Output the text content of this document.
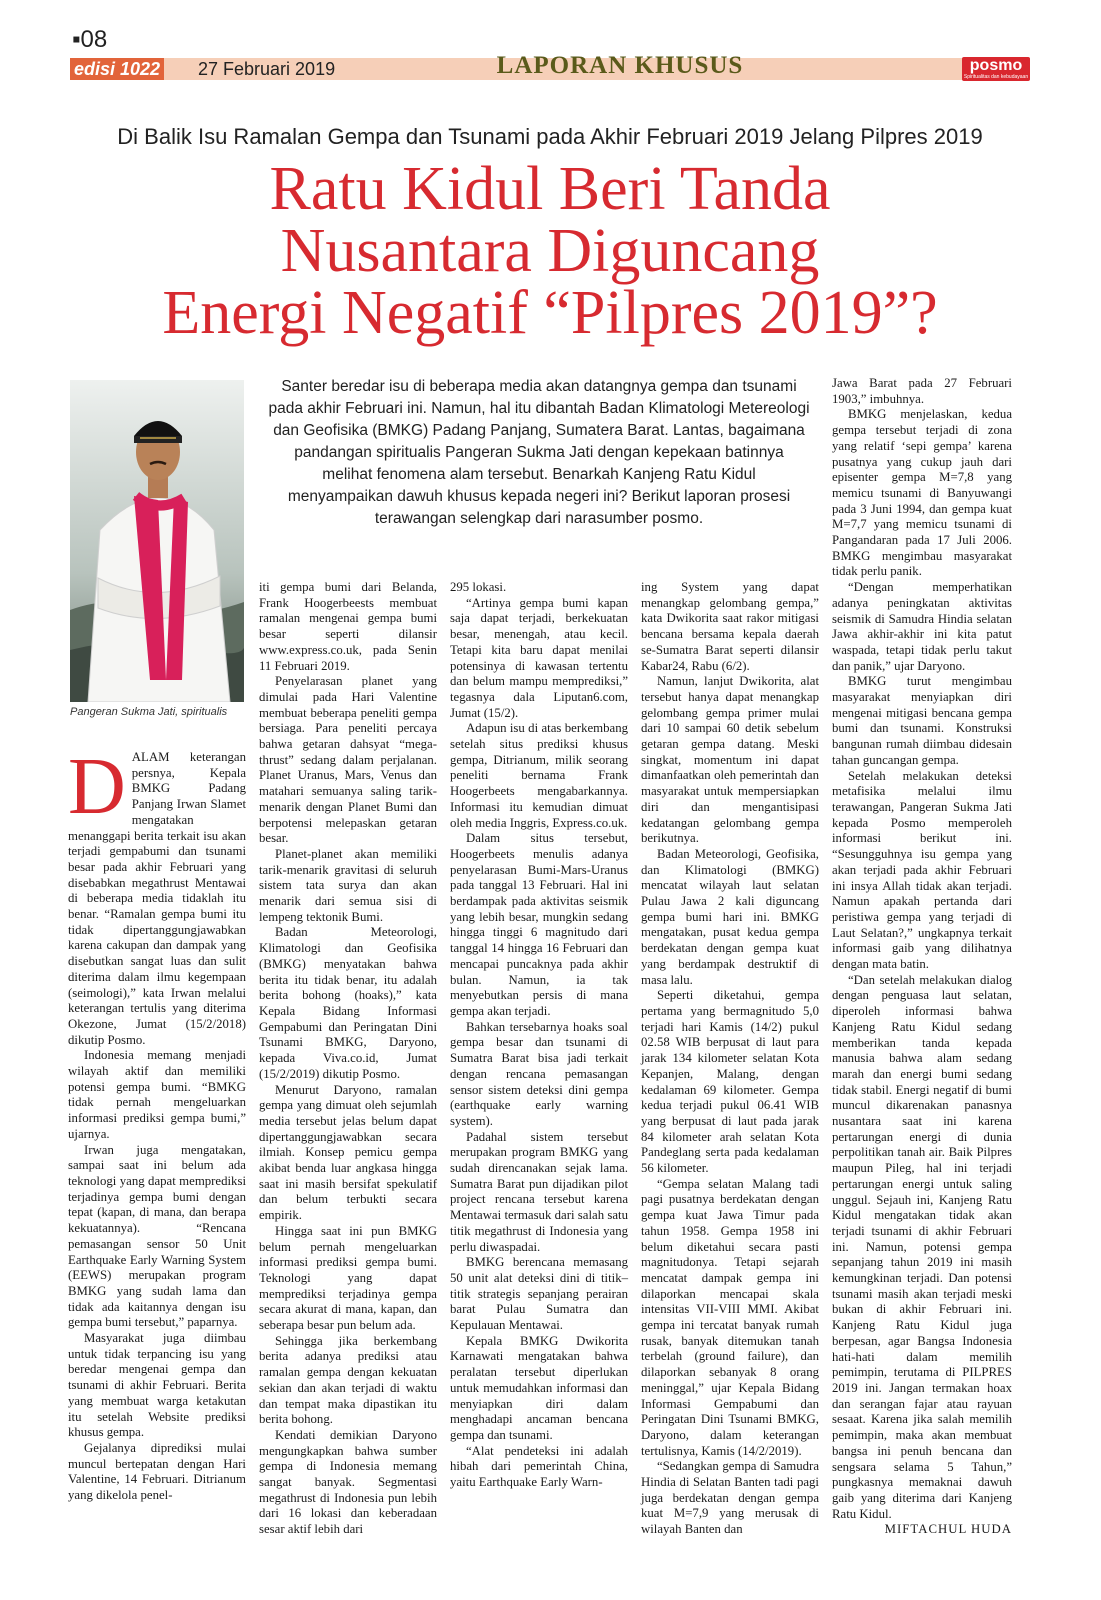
▪08
edisi 1022 27 Februari 2019	LAPORAN KHUSUS	posmo
Spiritualitas dan kebudayaan
Di Balik Isu Ramalan Gempa dan Tsunami pada Akhir Februari 2019 Jelang Pilpres 2019
Ratu Kidul Beri Tanda
Nusantara Diguncang
Energi Negatif “Pilpres 2019”?
Pangeran Sukma Jati, spiritualis
Santer beredar isu di beberapa media akan datangnya gempa dan tsunami pada akhir Februari ini. Namun, hal itu dibantah Badan Klimatologi Metereologi dan Geofisika (BMKG) Padang Panjang, Sumatera Barat. Lantas, bagaimana pandangan spiritualis Pangeran Sukma Jati dengan kepekaan batinnya melihat fenomena alam tersebut. Benarkah Kanjeng Ratu Kidul menyampaikan dawuh khusus kepada negeri ini? Berikut laporan prosesi terawangan selengkap dari narasumber posmo.

DALAM keterangan persnya, Kepala BMKG Padang Panjang Irwan Slamet mengatakan menanggapi berita terkait isu akan terjadi gempabumi dan tsunami besar pada akhir Februari yang disebabkan megathrust Mentawai di beberapa media tidaklah itu benar. “Ramalan gempa bumi itu tidak dipertanggungjawabkan karena cakupan dan dampak yang disebutkan sangat luas dan sulit diterima dalam ilmu kegempaan (seimologi),” kata Irwan melalui keterangan tertulis yang diterima Okezone, Jumat (15/2/2018) dikutip Posmo.

Indonesia memang menjadi wilayah aktif dan memiliki potensi gempa bumi. “BMKG tidak pernah mengeluarkan informasi prediksi gempa bumi,” ujarnya.

Irwan juga mengatakan, sampai saat ini belum ada teknologi yang dapat memprediksi terjadinya gempa bumi dengan tepat (kapan, di mana, dan berapa kekuatannya). “Rencana pemasangan sensor 50 Unit Earthquake Early Warning System (EEWS) merupakan program BMKG yang sudah lama dan tidak ada kaitannya dengan isu gempa bumi tersebut,” paparnya.

Masyarakat juga diimbau untuk tidak terpancing isu yang beredar mengenai gempa dan tsunami di akhir Februari. Berita yang membuat warga ketakutan itu setelah Website prediksi khusus gempa.

Gejalanya diprediksi mulai muncul bertepatan dengan Hari Valentine, 14 Februari. Ditrianum yang dikelola penel-

iti gempa bumi dari Belanda, Frank Hoogerbeests membuat ramalan mengenai gempa bumi besar seperti dilansir www.express.co.uk, pada Senin 11 Februari 2019.

Penyelarasan planet yang dimulai pada Hari Valentine membuat beberapa peneliti gempa bersiaga. Para peneliti percaya bahwa getaran dahsyat “mega-thrust” sedang dalam perjalanan. Planet Uranus, Mars, Venus dan matahari semuanya saling tarik-menarik dengan Planet Bumi dan berpotensi melepaskan getaran besar.

Planet-planet akan memiliki tarik-menarik gravitasi di seluruh sistem tata surya dan akan menarik dari semua sisi di lempeng tektonik Bumi.

Badan Meteorologi, Klimatologi dan Geofisika (BMKG) menyatakan bahwa berita itu tidak benar, itu adalah berita bohong (hoaks),” kata Kepala Bidang Informasi Gempabumi dan Peringatan Dini Tsunami BMKG, Daryono, kepada Viva.co.id, Jumat (15/2/2019) dikutip Posmo.

Menurut Daryono, ramalan gempa yang dimuat oleh sejumlah media tersebut jelas belum dapat dipertanggungjawabkan secara ilmiah. Konsep pemicu gempa akibat benda luar angkasa hingga saat ini masih bersifat spekulatif dan belum terbukti secara empirik.

Hingga saat ini pun BMKG belum pernah mengeluarkan informasi prediksi gempa bumi. Teknologi yang dapat memprediksi terjadinya gempa secara akurat di mana, kapan, dan seberapa besar pun belum ada.

Sehingga jika berkembang berita adanya prediksi atau ramalan gempa dengan kekuatan sekian dan akan terjadi di waktu dan tempat maka dipastikan itu berita bohong.

Kendati demikian Daryono mengungkapkan bahwa sumber gempa di Indonesia memang sangat banyak. Segmentasi megathrust di Indonesia pun lebih dari 16 lokasi dan keberadaan sesar aktif lebih dari

295 lokasi.

“Artinya gempa bumi kapan saja dapat terjadi, berkekuatan besar, menengah, atau kecil. Tetapi kita baru dapat menilai potensinya di kawasan tertentu dan belum mampu memprediksi,” tegasnya dala Liputan6.com, Jumat (15/2).

Adapun isu di atas berkembang setelah situs prediksi khusus gempa, Ditrianum, milik seorang peneliti bernama Frank Hoogerbeets mengabarkannya. Informasi itu kemudian dimuat oleh media Inggris, Express.co.uk.

Dalam situs tersebut, Hoogerbeets menulis adanya penyelarasan Bumi-Mars-Uranus pada tanggal 13 Februari. Hal ini berdampak pada aktivitas seismik yang lebih besar, mungkin sedang hingga tinggi 6 magnitudo dari tanggal 14 hingga 16 Februari dan mencapai puncaknya pada akhir bulan. Namun, ia tak menyebutkan persis di mana gempa akan terjadi.

Bahkan tersebarnya hoaks soal gempa besar dan tsunami di Sumatra Barat bisa jadi terkait dengan rencana pemasangan sensor sistem deteksi dini gempa (earthquake early warning system).

Padahal sistem tersebut merupakan program BMKG yang sudah direncanakan sejak lama. Sumatra Barat pun dijadikan pilot project rencana tersebut karena Mentawai termasuk dari salah satu titik megathrust di Indonesia yang perlu diwaspadai.

BMKG berencana memasang 50 unit alat deteksi dini di titik–titik strategis sepanjang perairan barat Pulau Sumatra dan Kepulauan Mentawai.

Kepala BMKG Dwikorita Karnawati mengatakan bahwa peralatan tersebut diperlukan untuk memudahkan informasi dan menyiapkan diri dalam menghadapi ancaman bencana gempa dan tsunami.

“Alat pendeteksi ini adalah hibah dari pemerintah China, yaitu Earthquake Early Warn-

ing System yang dapat menangkap gelombang gempa,” kata Dwikorita saat rakor mitigasi bencana bersama kepala daerah se-Sumatra Barat seperti dilansir Kabar24, Rabu (6/2).

Namun, lanjut Dwikorita, alat tersebut hanya dapat menangkap gelombang gempa primer mulai dari 10 sampai 60 detik sebelum getaran gempa datang. Meski singkat, momentum ini dapat dimanfaatkan oleh pemerintah dan masyarakat untuk mempersiapkan diri dan mengantisipasi kedatangan gelombang gempa berikutnya.

Badan Meteorologi, Geofisika, dan Klimatologi (BMKG) mencatat wilayah laut selatan Pulau Jawa 2 kali diguncang gempa bumi hari ini. BMKG mengatakan, pusat kedua gempa berdekatan dengan gempa kuat yang berdampak destruktif di masa lalu.

Seperti diketahui, gempa pertama yang bermagnitudo 5,0 terjadi hari Kamis (14/2) pukul 02.58 WIB berpusat di laut para jarak 134 kilometer selatan Kota Kepanjen, Malang, dengan kedalaman 69 kilometer. Gempa kedua terjadi pukul 06.41 WIB yang berpusat di laut pada jarak 84 kilometer arah selatan Kota Pandeglang serta pada kedalaman 56 kilometer.

“Gempa selatan Malang tadi pagi pusatnya berdekatan dengan gempa kuat Jawa Timur pada tahun 1958. Gempa 1958 ini belum diketahui secara pasti magnitudonya. Tetapi sejarah mencatat dampak gempa ini dilaporkan mencapai skala intensitas VII-VIII MMI. Akibat gempa ini tercatat banyak rumah rusak, banyak ditemukan tanah terbelah (ground failure), dan dilaporkan sebanyak 8 orang meninggal,” ujar Kepala Bidang Informasi Gempabumi dan Peringatan Dini Tsunami BMKG, Daryono, dalam keterangan tertulisnya, Kamis (14/2/2019).

“Sedangkan gempa di Samudra Hindia di Selatan Banten tadi pagi juga berdekatan dengan gempa kuat M=7,9 yang merusak di wilayah Banten dan

Jawa Barat pada 27 Februari 1903,” imbuhnya.

BMKG menjelaskan, kedua gempa tersebut terjadi di zona yang relatif ‘sepi gempa’ karena pusatnya yang cukup jauh dari episenter gempa M=7,8 yang memicu tsunami di Banyuwangi pada 3 Juni 1994, dan gempa kuat M=7,7 yang memicu tsunami di Pangandaran pada 17 Juli 2006. BMKG mengimbau masyarakat tidak perlu panik.

“Dengan memperhatikan adanya peningkatan aktivitas seismik di Samudra Hindia selatan Jawa akhir-akhir ini kita patut waspada, tetapi tidak perlu takut dan panik,” ujar Daryono.

BMKG turut mengimbau masyarakat menyiapkan diri mengenai mitigasi bencana gempa bumi dan tsunami. Konstruksi bangunan rumah diimbau didesain tahan guncangan gempa.

Setelah melakukan deteksi metafisika melalui ilmu terawangan, Pangeran Sukma Jati kepada Posmo memperoleh informasi berikut ini. “Sesungguhnya isu gempa yang akan terjadi pada akhir Februari ini insya Allah tidak akan terjadi. Namun apakah pertanda dari peristiwa gempa yang terjadi di Laut Selatan?,” ungkapnya terkait informasi gaib yang dilihatnya dengan mata batin.

“Dan setelah melakukan dialog dengan penguasa laut selatan, diperoleh informasi bahwa Kanjeng Ratu Kidul sedang memberikan tanda kepada manusia bahwa alam sedang marah dan energi bumi sedang tidak stabil. Energi negatif di bumi muncul dikarenakan panasnya nusantara saat ini karena pertarungan energi di dunia perpolitikan tanah air. Baik Pilpres maupun Pileg, hal ini terjadi pertarungan energi untuk saling unggul. Sejauh ini, Kanjeng Ratu Kidul mengatakan tidak akan terjadi tsunami di akhir Februari ini. Namun, potensi gempa sepanjang tahun 2019 ini masih kemungkinan terjadi. Dan potensi tsunami masih akan terjadi meski bukan di akhir Februari ini. Kanjeng Ratu Kidul juga berpesan, agar Bangsa Indonesia hati-hati dalam memilih pemimpin, terutama di PILPRES 2019 ini. Jangan termakan hoax dan serangan fajar atau rayuan sesaat. Karena jika salah memilih pemimpin, maka akan membuat bangsa ini penuh bencana dan sengsara selama 5 Tahun,” pungkasnya memaknai dawuh gaib yang diterima dari Kanjeng Ratu Kidul.

MIFTACHUL HUDA
